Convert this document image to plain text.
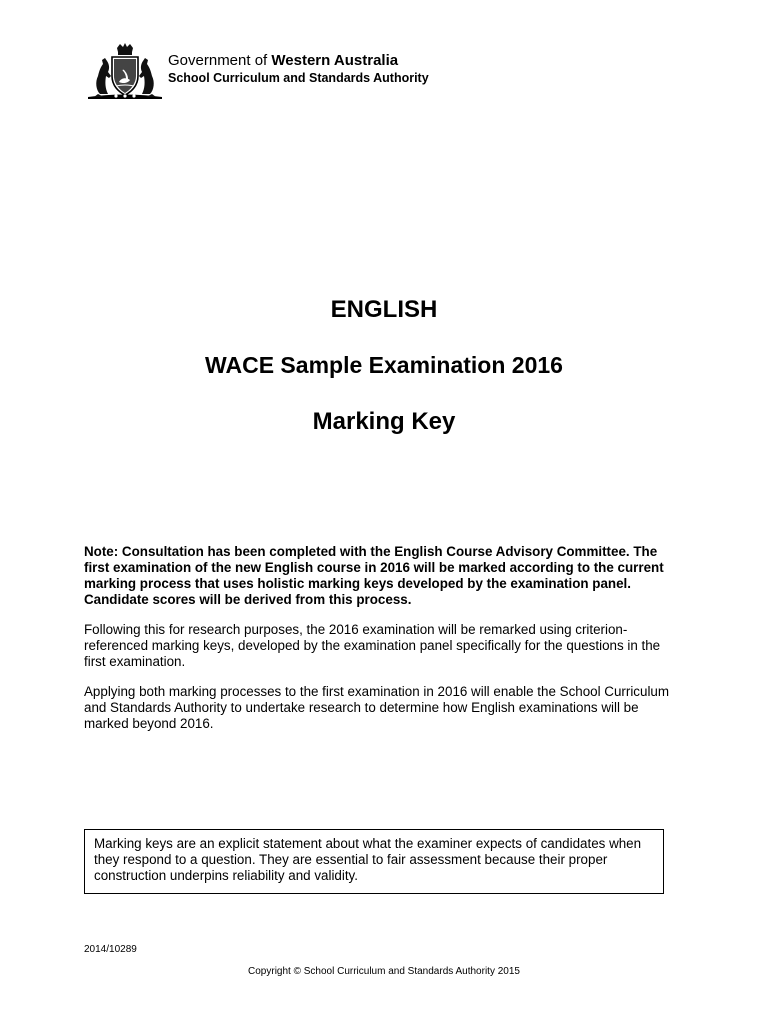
Government of Western Australia
School Curriculum and Standards Authority
ENGLISH
WACE Sample Examination 2016
Marking Key
Note: Consultation has been completed with the English Course Advisory Committee. The first examination of the new English course in 2016 will be marked according to the current marking process that uses holistic marking keys developed by the examination panel. Candidate scores will be derived from this process.
Following this for research purposes, the 2016 examination will be remarked using criterion-referenced marking keys, developed by the examination panel specifically for the questions in the first examination.
Applying both marking processes to the first examination in 2016 will enable the School Curriculum and Standards Authority to undertake research to determine how English examinations will be marked beyond 2016.
Marking keys are an explicit statement about what the examiner expects of candidates when they respond to a question. They are essential to fair assessment because their proper construction underpins reliability and validity.
2014/10289
Copyright © School Curriculum and Standards Authority 2015
